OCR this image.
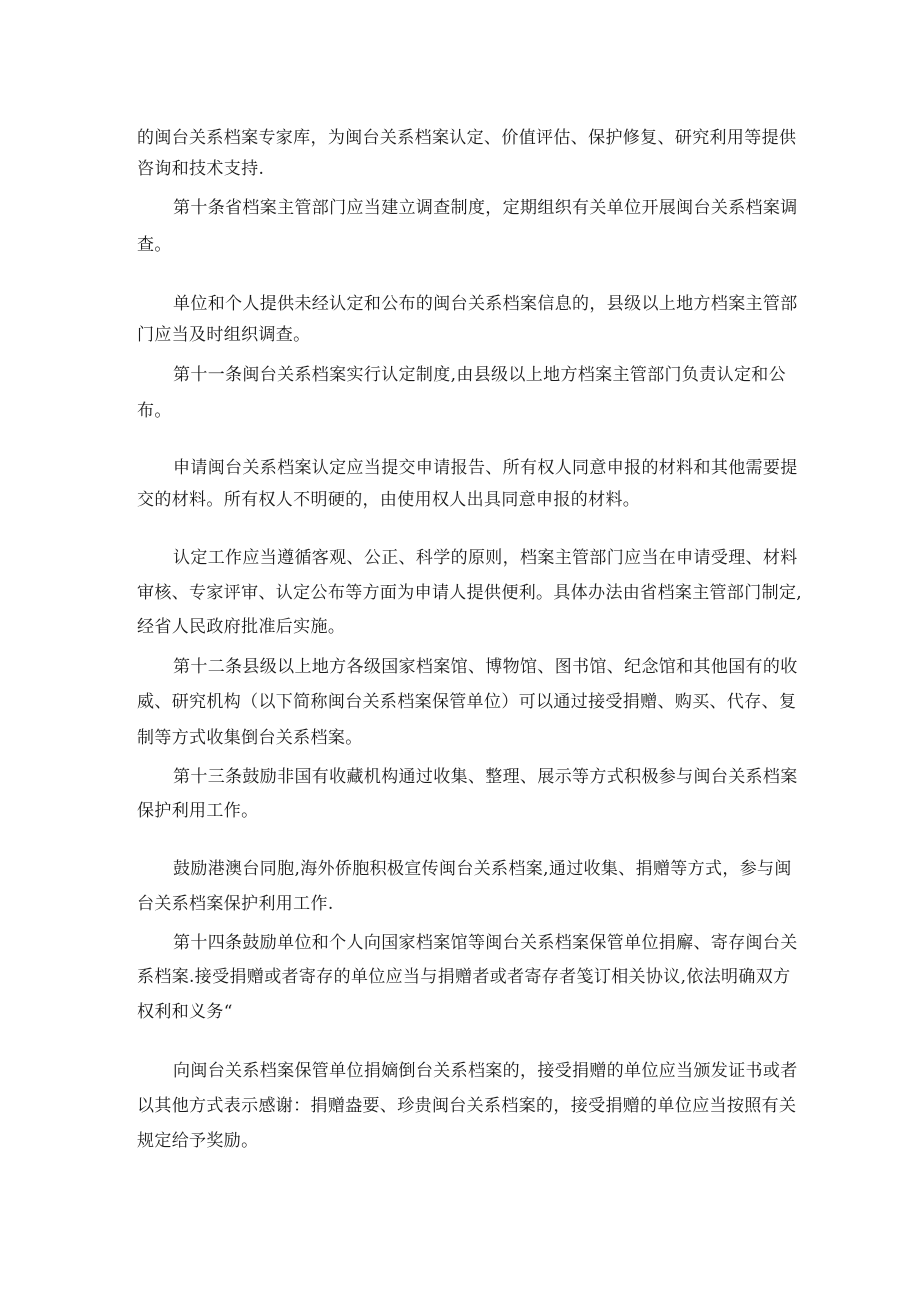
的闽台关系档案专家库，为闽台关系档案认定、价值评估、保护修复、研究利用等提供
咨询和技术支持.
第十条省档案主管部门应当建立调查制度，定期组织有关单位开展闽台关系档案调
查。
单位和个人提供未经认定和公布的闽台关系档案信息的，县级以上地方档案主管部
门应当及时组织调查。
第十一条闽台关系档案实行认定制度,由县级以上地方档案主管部门负责认定和公
布。
申请闽台关系档案认定应当提交申请报告、所有权人同意申报的材料和其他需要提
交的材料。所有权人不明硬的，由使用权人出具同意申报的材料。
认定工作应当遵循客观、公正、科学的原则，档案主管部门应当在申请受理、材料
审核、专家评审、认定公布等方面为申请人提供便利。具体办法由省档案主管部门制定,
经省人民政府批准后实施。
第十二条县级以上地方各级国家档案馆、博物馆、图书馆、纪念馆和其他国有的收
威、研究机构（以下简称闽台关系档案保管单位）可以通过接受捐赠、购买、代存、复
制等方式收集倒台关系档案。
第十三条鼓励非国有收藏机构通过收集、整理、展示等方式积极参与闽台关系档案
保护利用工作。
鼓励港澳台同胞,海外侨胞积极宣传闽台关系档案,通过收集、捐赠等方式，参与闽
台关系档案保护利用工作.
第十四条鼓励单位和个人向国家档案馆等闽台关系档案保管单位捐廨、寄存闽台关
系档案.接受捐赠或者寄存的单位应当与捐赠者或者寄存者笺订相关协议,依法明确双方
权利和义务“
向闽台关系档案保管单位捐嫡倒台关系档案的，接受捐赠的单位应当颁发证书或者
以其他方式表示感谢：捐赠盎要、珍贵闽台关系档案的，接受捐赠的单位应当按照有关
规定给予奖励。
